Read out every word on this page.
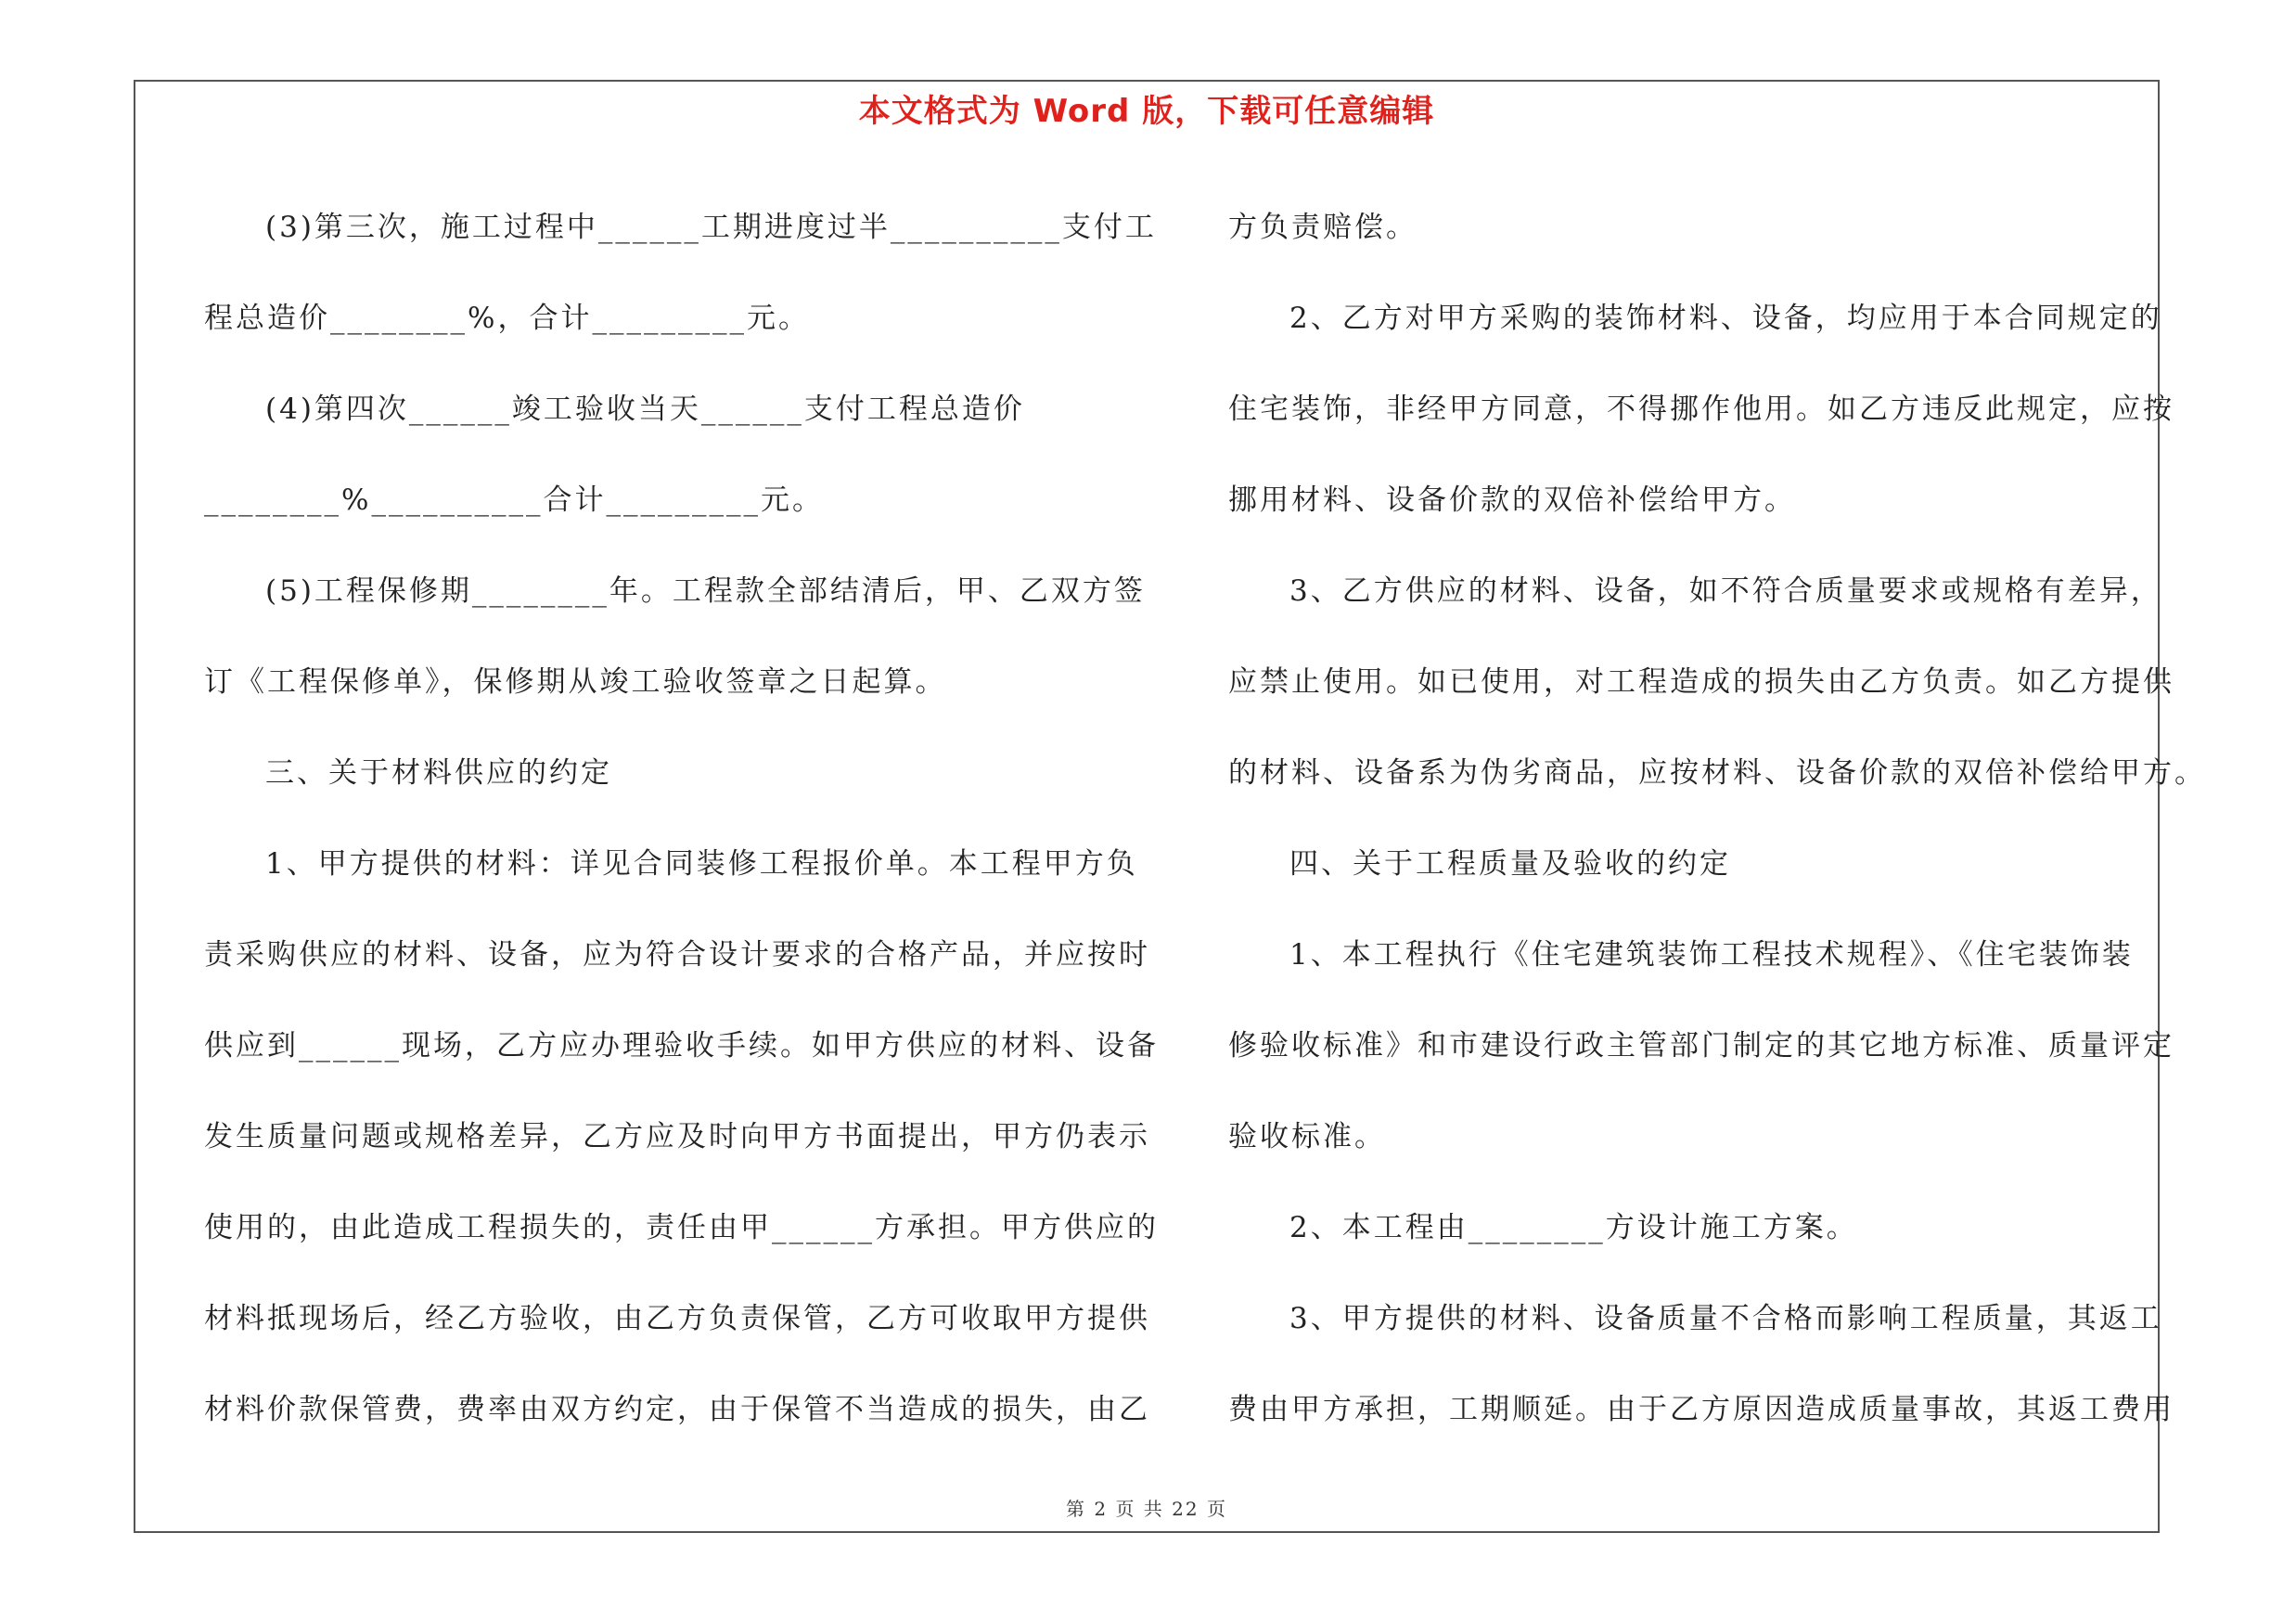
本文格式为 Word 版，下载可任意编辑

(3)第三次，施工过程中______工期进度过半__________支付工

程总造价________%，合计_________元。

(4)第四次______竣工验收当天______支付工程总造价

________%__________合计_________元。

(5)工程保修期________年。工程款全部结清后，甲、乙双方签

订《工程保修单》，保修期从竣工验收签章之日起算。

三、关于材料供应的约定

1、甲方提供的材料：详见合同装修工程报价单。本工程甲方负

责采购供应的材料、设备，应为符合设计要求的合格产品，并应按时

供应到______现场，乙方应办理验收手续。如甲方供应的材料、设备

发生质量问题或规格差异，乙方应及时向甲方书面提出，甲方仍表示

使用的，由此造成工程损失的，责任由甲______方承担。甲方供应的

材料抵现场后，经乙方验收，由乙方负责保管，乙方可收取甲方提供

材料价款保管费，费率由双方约定，由于保管不当造成的损失，由乙

方负责赔偿。

2、乙方对甲方采购的装饰材料、设备，均应用于本合同规定的

住宅装饰，非经甲方同意，不得挪作他用。如乙方违反此规定，应按

挪用材料、设备价款的双倍补偿给甲方。

3、乙方供应的材料、设备，如不符合质量要求或规格有差异，

应禁止使用。如已使用，对工程造成的损失由乙方负责。如乙方提供

的材料、设备系为伪劣商品，应按材料、设备价款的双倍补偿给甲方。

四、关于工程质量及验收的约定

1、本工程执行《住宅建筑装饰工程技术规程》、《住宅装饰装

修验收标准》和市建设行政主管部门制定的其它地方标准、质量评定

验收标准。

2、本工程由________方设计施工方案。

3、甲方提供的材料、设备质量不合格而影响工程质量，其返工

费由甲方承担，工期顺延。由于乙方原因造成质量事故，其返工费用

第 2 页 共 22 页
